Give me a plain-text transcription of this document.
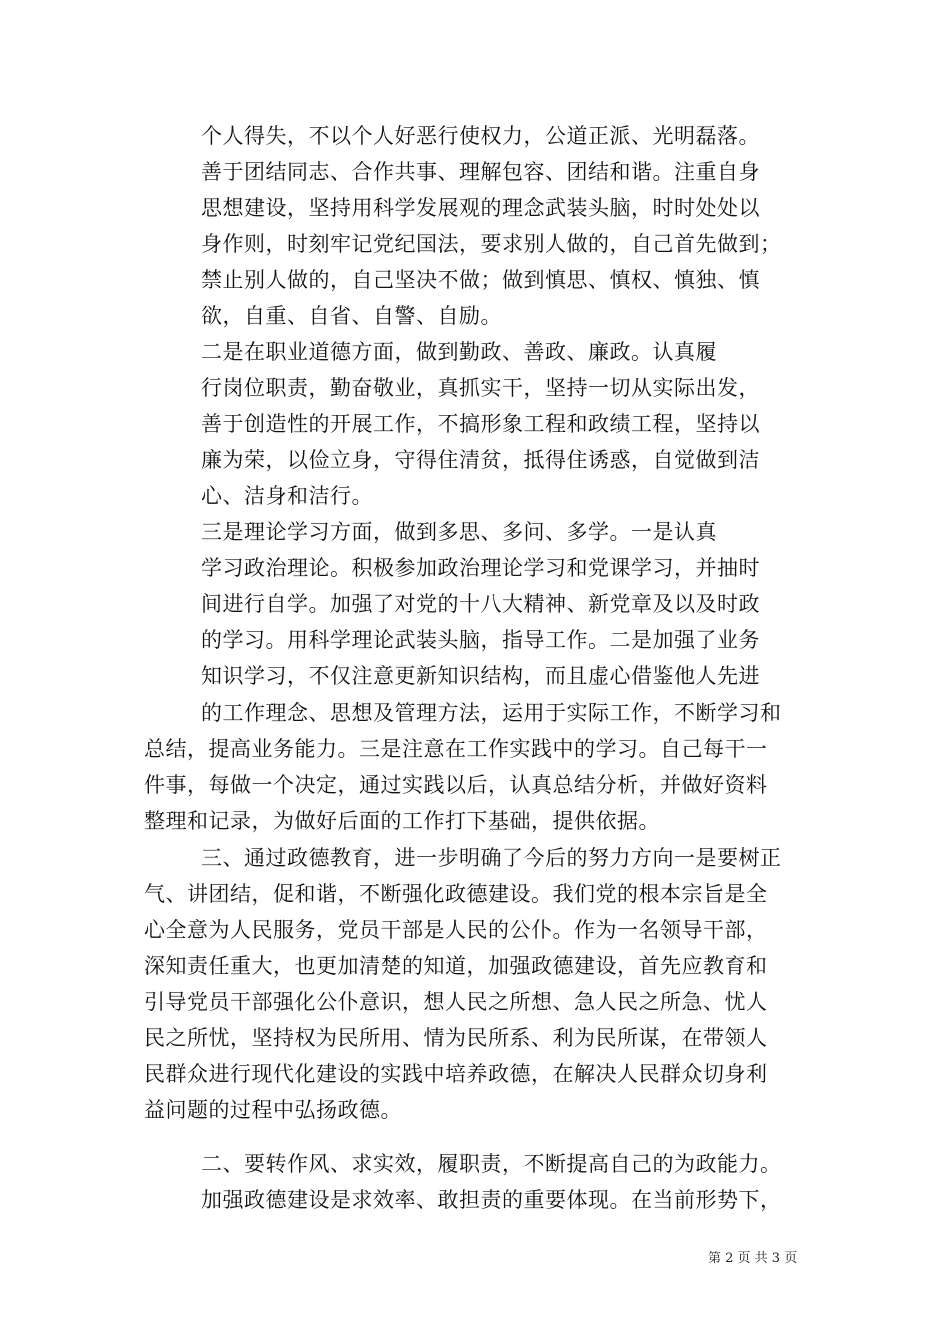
个人得失，不以个人好恶行使权力，公道正派、光明磊落。
善于团结同志、合作共事、理解包容、团结和谐。注重自身
思想建设，坚持用科学发展观的理念武装头脑，时时处处以
身作则，时刻牢记党纪国法，要求别人做的，自己首先做到；
禁止别人做的，自己坚决不做；做到慎思、慎权、慎独、慎
欲，自重、自省、自警、自励。
二是在职业道德方面，做到勤政、善政、廉政。认真履
行岗位职责，勤奋敬业，真抓实干，坚持一切从实际出发，
善于创造性的开展工作，不搞形象工程和政绩工程，坚持以
廉为荣，以俭立身，守得住清贫，抵得住诱惑，自觉做到洁
心、洁身和洁行。
三是理论学习方面，做到多思、多问、多学。一是认真
学习政治理论。积极参加政治理论学习和党课学习，并抽时
间进行自学。加强了对党的十八大精神、新党章及以及时政
的学习。用科学理论武装头脑，指导工作。二是加强了业务
知识学习，不仅注意更新知识结构，而且虚心借鉴他人先进
的工作理念、思想及管理方法，运用于实际工作，不断学习和
总结，提高业务能力。三是注意在工作实践中的学习。自己每干一
件事，每做一个决定，通过实践以后，认真总结分析，并做好资料
整理和记录，为做好后面的工作打下基础，提供依据。
三、通过政德教育，进一步明确了今后的努力方向一是要树正
气、讲团结，促和谐，不断强化政德建设。我们党的根本宗旨是全
心全意为人民服务，党员干部是人民的公仆。作为一名领导干部，
深知责任重大，也更加清楚的知道，加强政德建设，首先应教育和
引导党员干部强化公仆意识，想人民之所想、急人民之所急、忧人
民之所忧，坚持权为民所用、情为民所系、利为民所谋，在带领人
民群众进行现代化建设的实践中培养政德，在解决人民群众切身利
益问题的过程中弘扬政德。
二、要转作风、求实效，履职责，不断提高自己的为政能力。
加强政德建设是求效率、敢担责的重要体现。在当前形势下，
第 2 页 共 3 页
